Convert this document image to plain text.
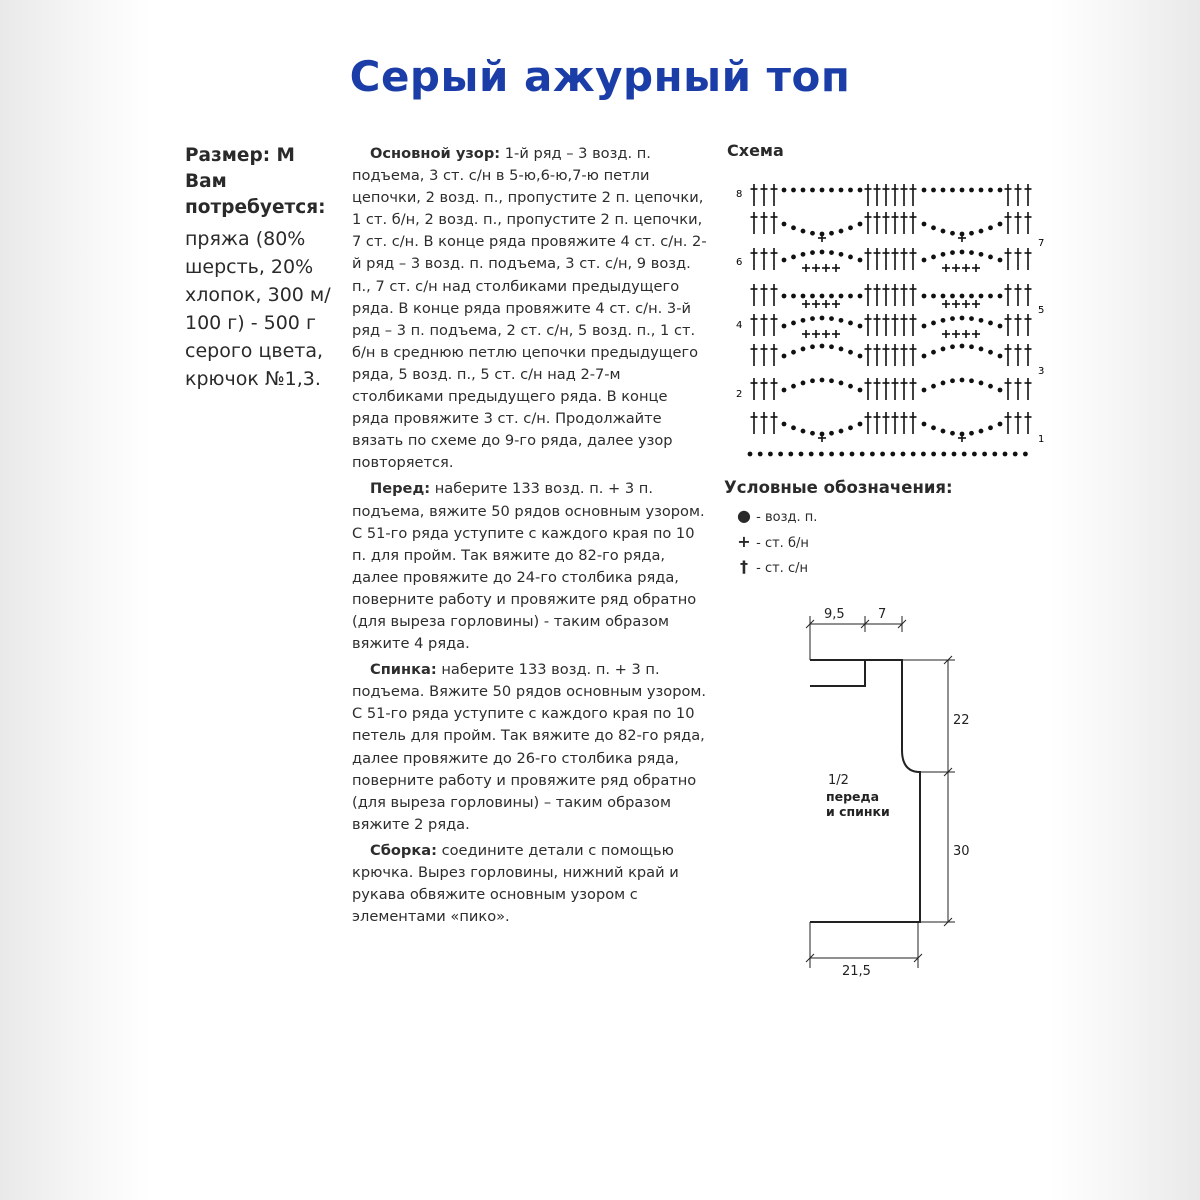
Серый ажурный топ
Размер: М
Вам
потребуется:
пряжа (80%
шерсть, 20%
хлопок, 300 м/
100 г) - 500 г
серого цвета,
крючок №1,3.

Основной узор: 1-й ряд – 3 возд. п. подъема, 3 ст. с/н в 5-ю,6-ю,7-ю петли цепочки, 2 возд. п., пропустите 2 п. цепочки, 1 ст. б/н, 2 возд. п., пропустите 2 п. цепочки, 7 ст. с/н. В конце ряда провяжите 4 ст. с/н. 2-й ряд – 3 возд. п. подъема, 3 ст. с/н, 9 возд. п., 7 ст. с/н над столбиками предыдущего ряда. В конце ряда провяжите 4 ст. с/н. 3-й ряд – 3 п. подъема, 2 ст. с/н, 5 возд. п., 1 ст. б/н в среднюю петлю цепочки предыдущего ряда, 5 возд. п., 5 ст. с/н над 2-7-м столбиками предыдущего ряда. В конце ряда провяжите 3 ст. с/н. Продолжайте вязать по схеме до 9-го ряда, далее узор повторяется.

Перед: наберите 133 возд. п. + 3 п. подъема, вяжите 50 рядов основным узором. С 51-го ряда уступите с каждого края по 10 п. для пройм. Так вяжите до 82-го ряда, далее провяжите до 24-го столбика ряда, поверните работу и провяжите ряд обратно (для выреза горловины) - таким образом вяжите 4 ряда.

Спинка: наберите 133 возд. п. + 3 п. подъема. Вяжите 50 рядов основным узором. С 51-го ряда уступите с каждого края по 10 петель для пройм. Так вяжите до 82-го ряда, далее провяжите до 26-го столбика ряда, поверните работу и провяжите ряд обратно (для выреза горловины) – таким образом вяжите 2 ряда.

Сборка: соедините детали с помощью крючка. Вырез горловины, нижний край и рукава обвяжите основным узором с элементами «пико».

Схема
8
6
4
2
7
5
3
1
Условные обозначения:
● - возд. п.
+ - ст. б/н
† - ст. с/н
9,5	7
22
30
21,5
1/2
переда
и спинки
